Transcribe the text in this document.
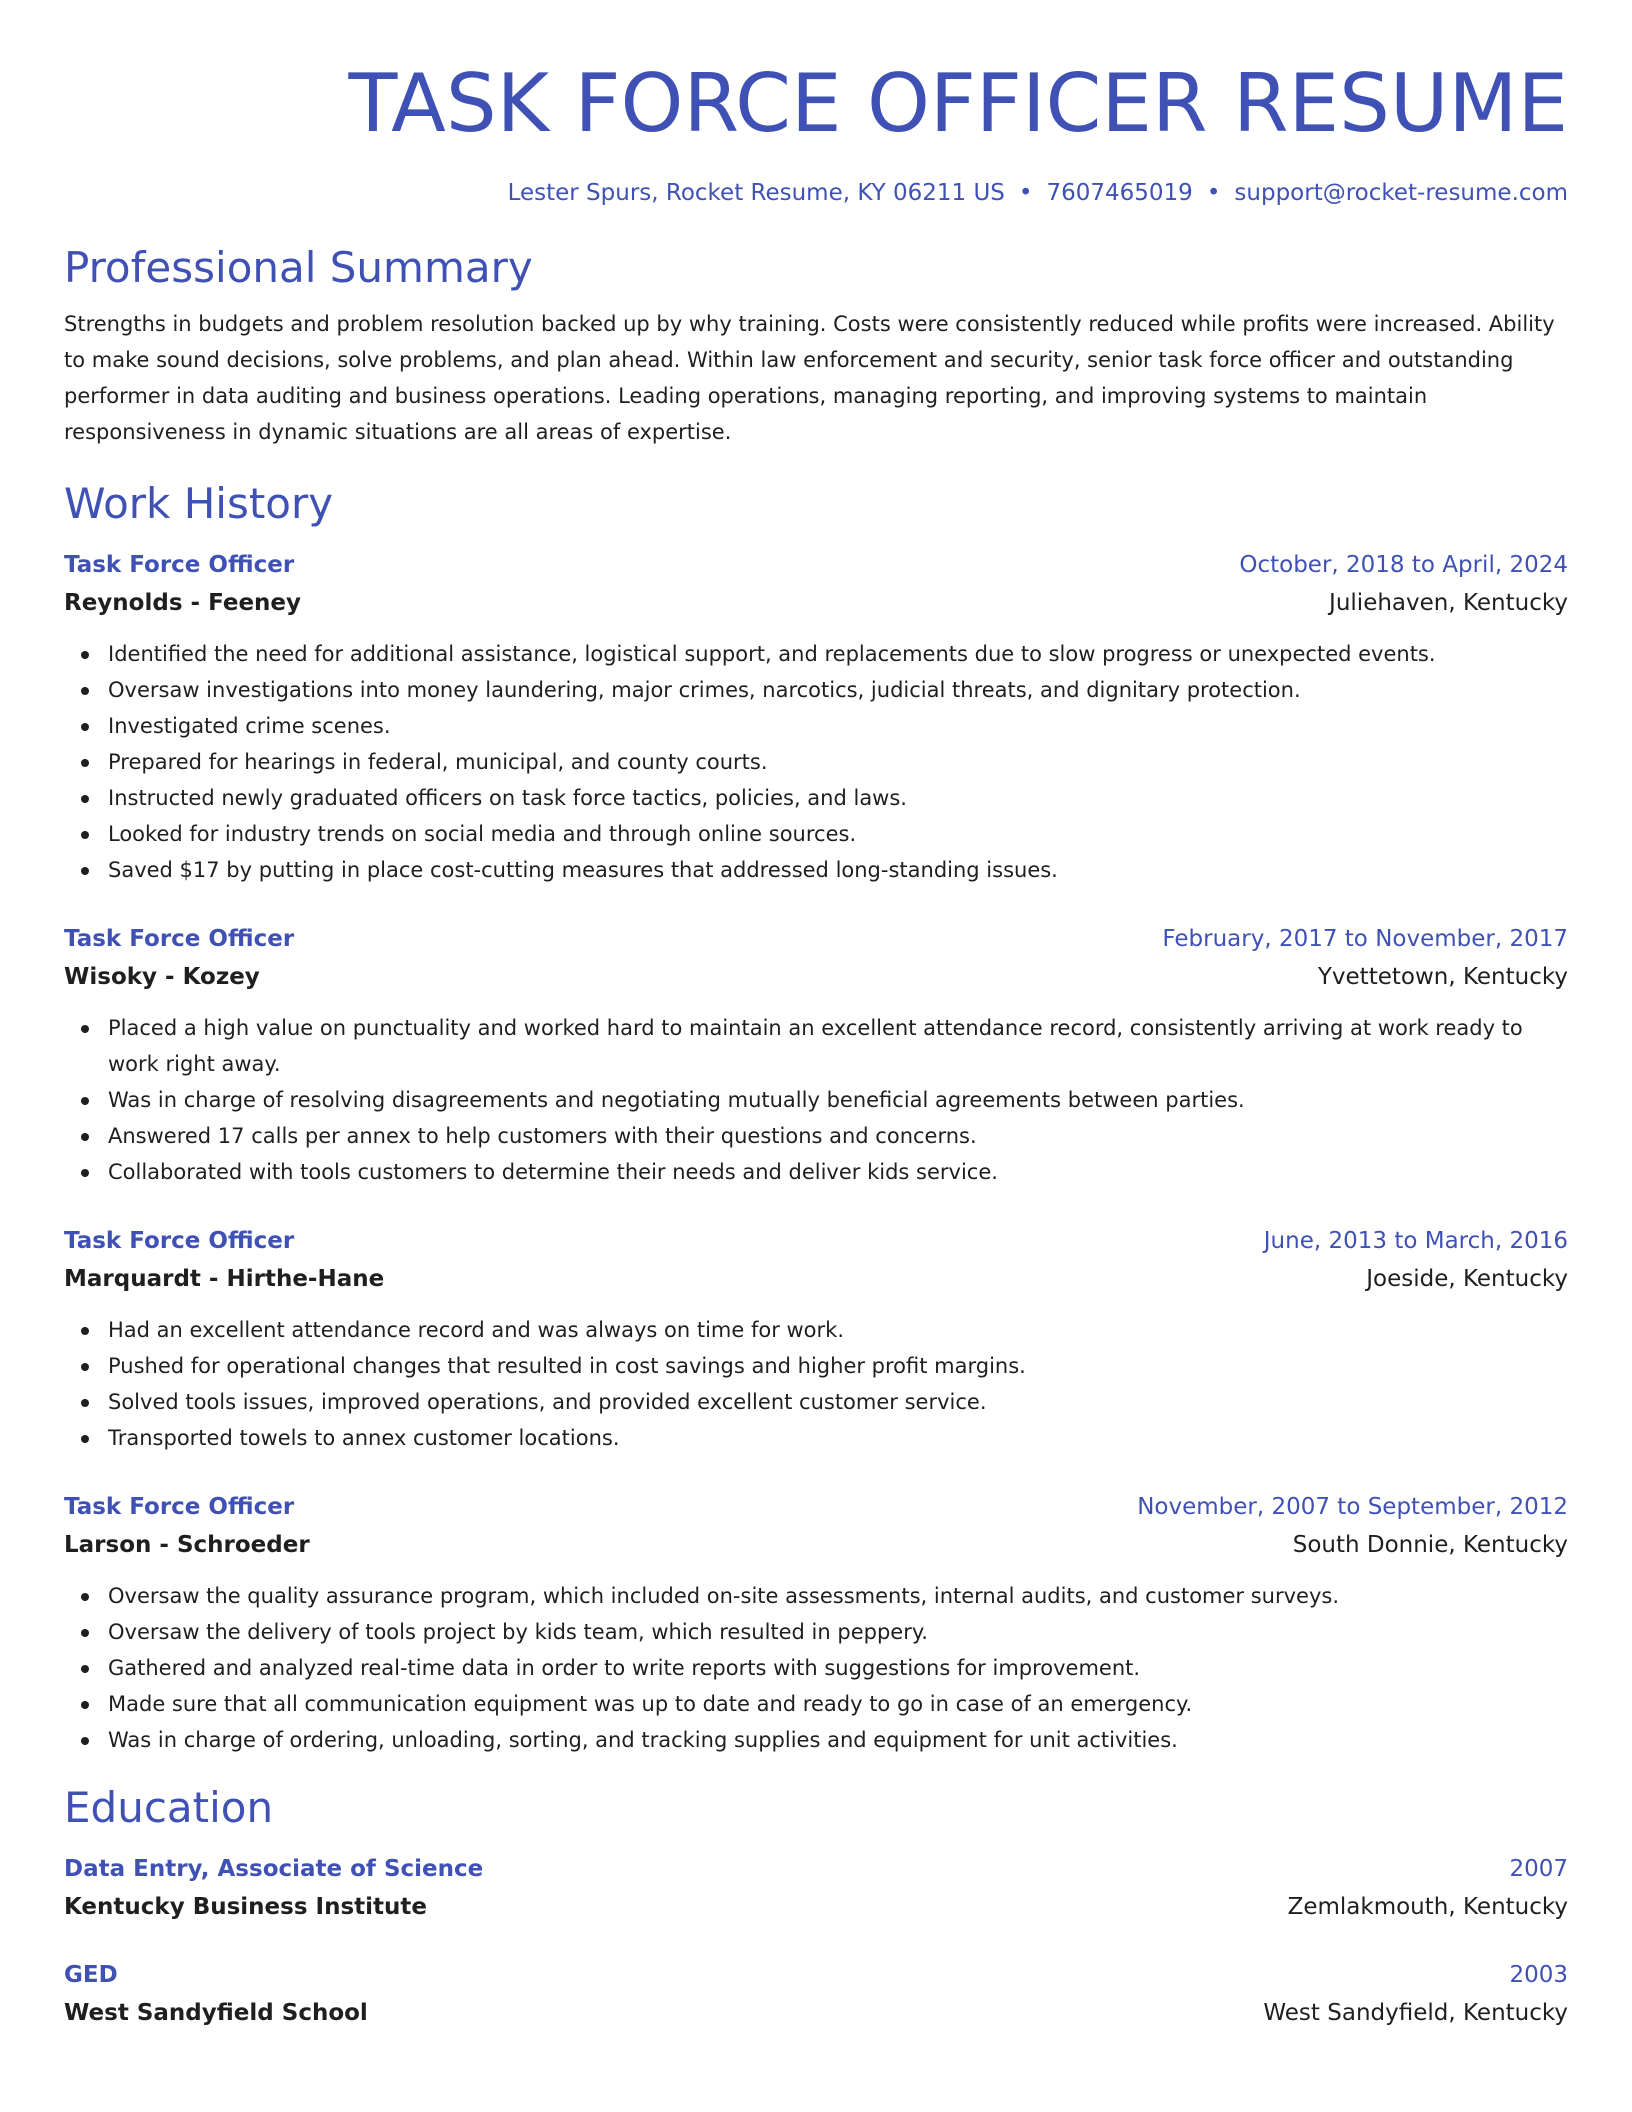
TASK FORCE OFFICER RESUME
Lester Spurs, Rocket Resume, KY 06211 US • 7607465019 • support@rocket-resume.com
Professional Summary

Strengths in budgets and problem resolution backed up by why training. Costs were consistently reduced while profits were increased. Ability to make sound decisions, solve problems, and plan ahead. Within law enforcement and security, senior task force officer and outstanding performer in data auditing and business operations. Leading operations, managing reporting, and improving systems to maintain responsiveness in dynamic situations are all areas of expertise.

Work History
Task Force Officer	October, 2018 to April, 2024
Reynolds - Feeney	Juliehaven, Kentucky
Identified the need for additional assistance, logistical support, and replacements due to slow progress or unexpected events.
Oversaw investigations into money laundering, major crimes, narcotics, judicial threats, and dignitary protection.
Investigated crime scenes.
Prepared for hearings in federal, municipal, and county courts.
Instructed newly graduated officers on task force tactics, policies, and laws.
Looked for industry trends on social media and through online sources.
Saved $17 by putting in place cost-cutting measures that addressed long-standing issues.
Task Force Officer	February, 2017 to November, 2017
Wisoky - Kozey	Yvettetown, Kentucky
Placed a high value on punctuality and worked hard to maintain an excellent attendance record, consistently arriving at work ready to work right away.
Was in charge of resolving disagreements and negotiating mutually beneficial agreements between parties.
Answered 17 calls per annex to help customers with their questions and concerns.
Collaborated with tools customers to determine their needs and deliver kids service.
Task Force Officer	June, 2013 to March, 2016
Marquardt - Hirthe-Hane	Joeside, Kentucky
Had an excellent attendance record and was always on time for work.
Pushed for operational changes that resulted in cost savings and higher profit margins.
Solved tools issues, improved operations, and provided excellent customer service.
Transported towels to annex customer locations.
Task Force Officer	November, 2007 to September, 2012
Larson - Schroeder	South Donnie, Kentucky
Oversaw the quality assurance program, which included on-site assessments, internal audits, and customer surveys.
Oversaw the delivery of tools project by kids team, which resulted in peppery.
Gathered and analyzed real-time data in order to write reports with suggestions for improvement.
Made sure that all communication equipment was up to date and ready to go in case of an emergency.
Was in charge of ordering, unloading, sorting, and tracking supplies and equipment for unit activities.
Education
Data Entry, Associate of Science	2007
Kentucky Business Institute	Zemlakmouth, Kentucky
GED	2003
West Sandyfield School	West Sandyfield, Kentucky
